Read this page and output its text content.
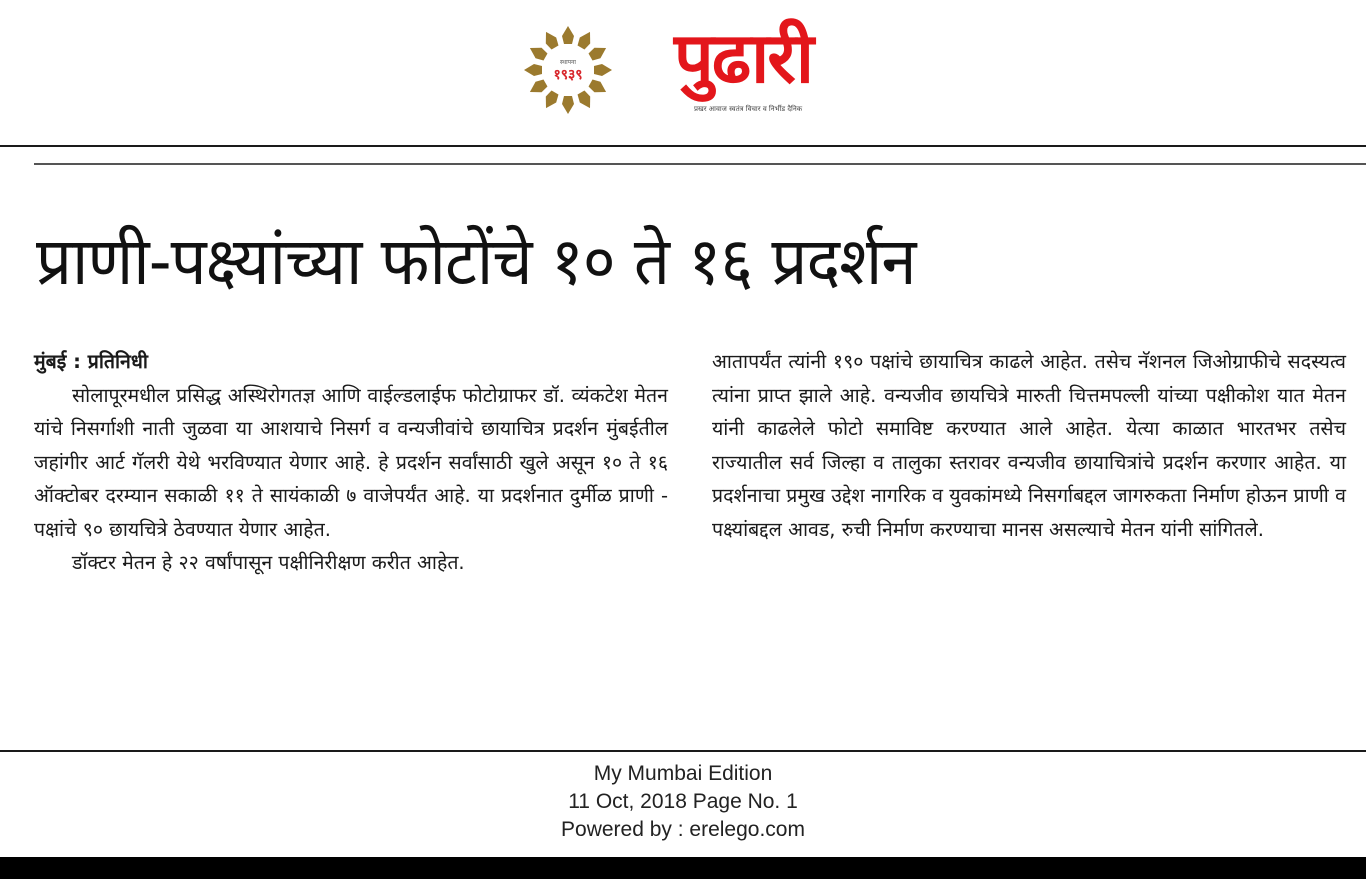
स्थापना
१९३९	पुढारी
प्रखर आवाज स्वतंत्र विचार व निर्भीड दैनिक
प्राणी-पक्ष्यांच्या फोटोंचे १० ते १६ प्रदर्शन
मुंबई : प्रतिनिधी

सोलापूरमधील प्रसिद्ध अस्थिरोगतज्ञ आणि वाईल्डलाईफ फोटोग्राफर डॉ. व्यंकटेश मेतन यांचे निसर्गाशी नाती जुळवा या आशयाचे निसर्ग व वन्यजीवांचे छायाचित्र प्रदर्शन मुंबईतील जहांगीर आर्ट गॅलरी येथे भरविण्यात येणार आहे. हे प्रदर्शन सर्वांसाठी खुले असून १० ते १६ ऑक्टोबर दरम्यान सकाळी ११ ते सायंकाळी ७ वाजेपर्यंत आहे. या प्रदर्शनात दुर्मीळ प्राणी - पक्षांचे ९० छायचित्रे ठेवण्यात येणार आहेत.

डॉक्टर मेतन हे २२ वर्षांपासून पक्षीनिरीक्षण करीत आहेत.

आतापर्यंत त्यांनी १९० पक्षांचे छायाचित्र काढले आहेत. तसेच नॅशनल जिओग्राफीचे सदस्यत्व त्यांना प्राप्त झाले आहे. वन्यजीव छायचित्रे मारुती चित्तमपल्ली यांच्या पक्षीकोश यात मेतन यांनी काढलेले फोटो समाविष्ट करण्यात आले आहेत. येत्या काळात भारतभर तसेच राज्यातील सर्व जिल्हा व तालुका स्तरावर वन्यजीव छायाचित्रांचे प्रदर्शन करणार आहेत. या प्रदर्शनाचा प्रमुख उद्देश नागरिक व युवकांमध्ये निसर्गाबद्दल जागरुकता निर्माण होऊन प्राणी व पक्ष्यांबद्दल आवड, रुची निर्माण करण्याचा मानस असल्याचे मेतन यांनी सांगितले.

My Mumbai Edition
11 Oct, 2018 Page No. 1
Powered by : erelego.com
